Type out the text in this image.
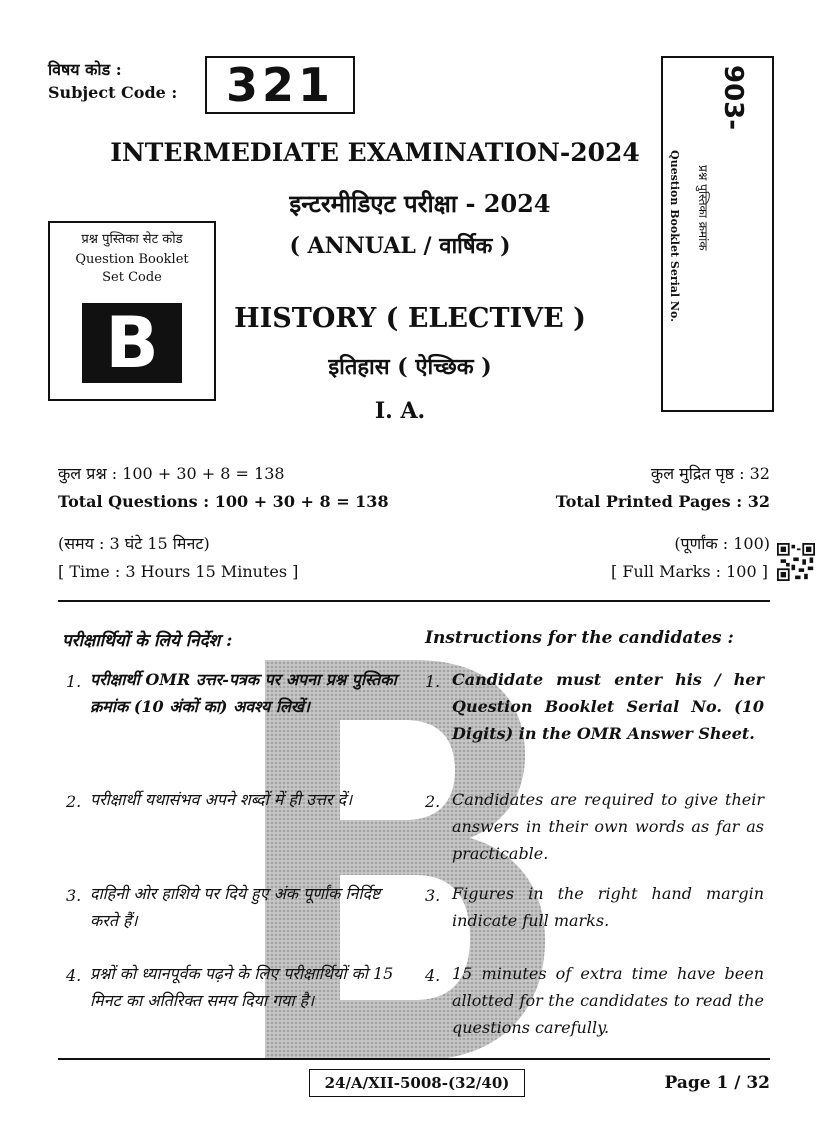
विषय कोड :
Subject Code :	321	903-
प्रश्न पुस्तिका क्रमांक
Question Booklet Serial No.
INTERMEDIATE EXAMINATION-2024
इन्टरमीडिएट परीक्षा - 2024
( ANNUAL / वार्षिक )
HISTORY ( ELECTIVE )
इतिहास ( ऐच्छिक )
I. A.
प्रश्न पुस्तिका सेट कोड
Question Booklet
Set Code
B
कुल प्रश्न : 100 + 30 + 8 = 138	कुल मुद्रित पृष्ठ : 32
Total Questions : 100 + 30 + 8 = 138	Total Printed Pages : 32
(समय : 3 घंटे 15 मिनट)	(पूर्णांक : 100)
[ Time : 3 Hours 15 Minutes ]	[ Full Marks : 100 ]
परीक्षार्थियों के लिये निर्देश :	Instructions for the candidates :
1. परीक्षार्थी OMR उत्तर-पत्रक पर अपना प्रश्न पुस्तिका क्रमांक (10 अंकों का) अवश्य लिखें।
1. Candidate must enter his / her Question Booklet Serial No. (10 Digits) in the OMR Answer Sheet.
2. परीक्षार्थी यथासंभव अपने शब्दों में ही उत्तर दें।	2. Candidates are required to give their answers in their own words as far as practicable.
3. दाहिनी ओर हाशिये पर दिये हुए अंक पूर्णांक निर्दिष्ट करते हैं।
3. Figures in the right hand margin indicate full marks.
4. प्रश्नों को ध्यानपूर्वक पढ़ने के लिए परीक्षार्थियों को 15 मिनट का अतिरिक्त समय दिया गया है।
4. 15 minutes of extra time have been allotted for the candidates to read the questions carefully.
24/A/XII-5008-(32/40)	Page 1 / 32
